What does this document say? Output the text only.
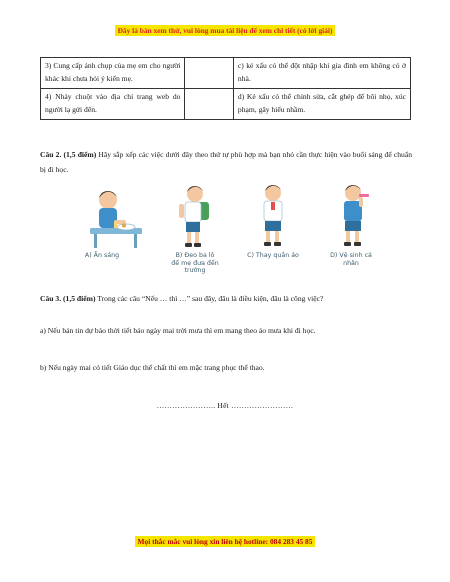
Đây là bản xem thử, vui lòng mua tài liệu để xem chi tiết (có lời giải)
3) Cung cấp ảnh chụp của mẹ em cho người khác khi chưa hỏi ý kiến mẹ.		c) kẻ xấu có thể đột nhập khi gia đình em không có ở nhà.
4) Nháy chuột vào địa chỉ trang web do người lạ gửi đến.		d) Kẻ xấu có thể chỉnh sửa, cắt ghép để bôi nhọ, xúc phạm, gây hiểu nhầm.
Câu 2. (1,5 điểm) Hãy sắp xếp các việc dưới đây theo thứ tự phù hợp mà bạn nhỏ cần thực hiện vào buổi sáng để chuẩn bị đi học.
A) Ăn sáng	B) Đeo ba lô
để mẹ đưa đến
trường
C) Thay quần áo	D) Vệ sinh cá
nhân
Câu 3. (1,5 điểm) Trong các câu “Nếu … thì …” sau đây, đâu là điều kiện, đâu là công việc?
a) Nếu bản tin dự báo thời tiết báo ngày mai trời mưa thì em mang theo áo mưa khi đi học.
b) Nếu ngày mai có tiết Giáo dục thể chất thì em mặc trang phục thể thao.
………………….. Hết ……………………
Mọi thắc mắc vui lòng xin liên hệ hotline: 084 283 45 85
